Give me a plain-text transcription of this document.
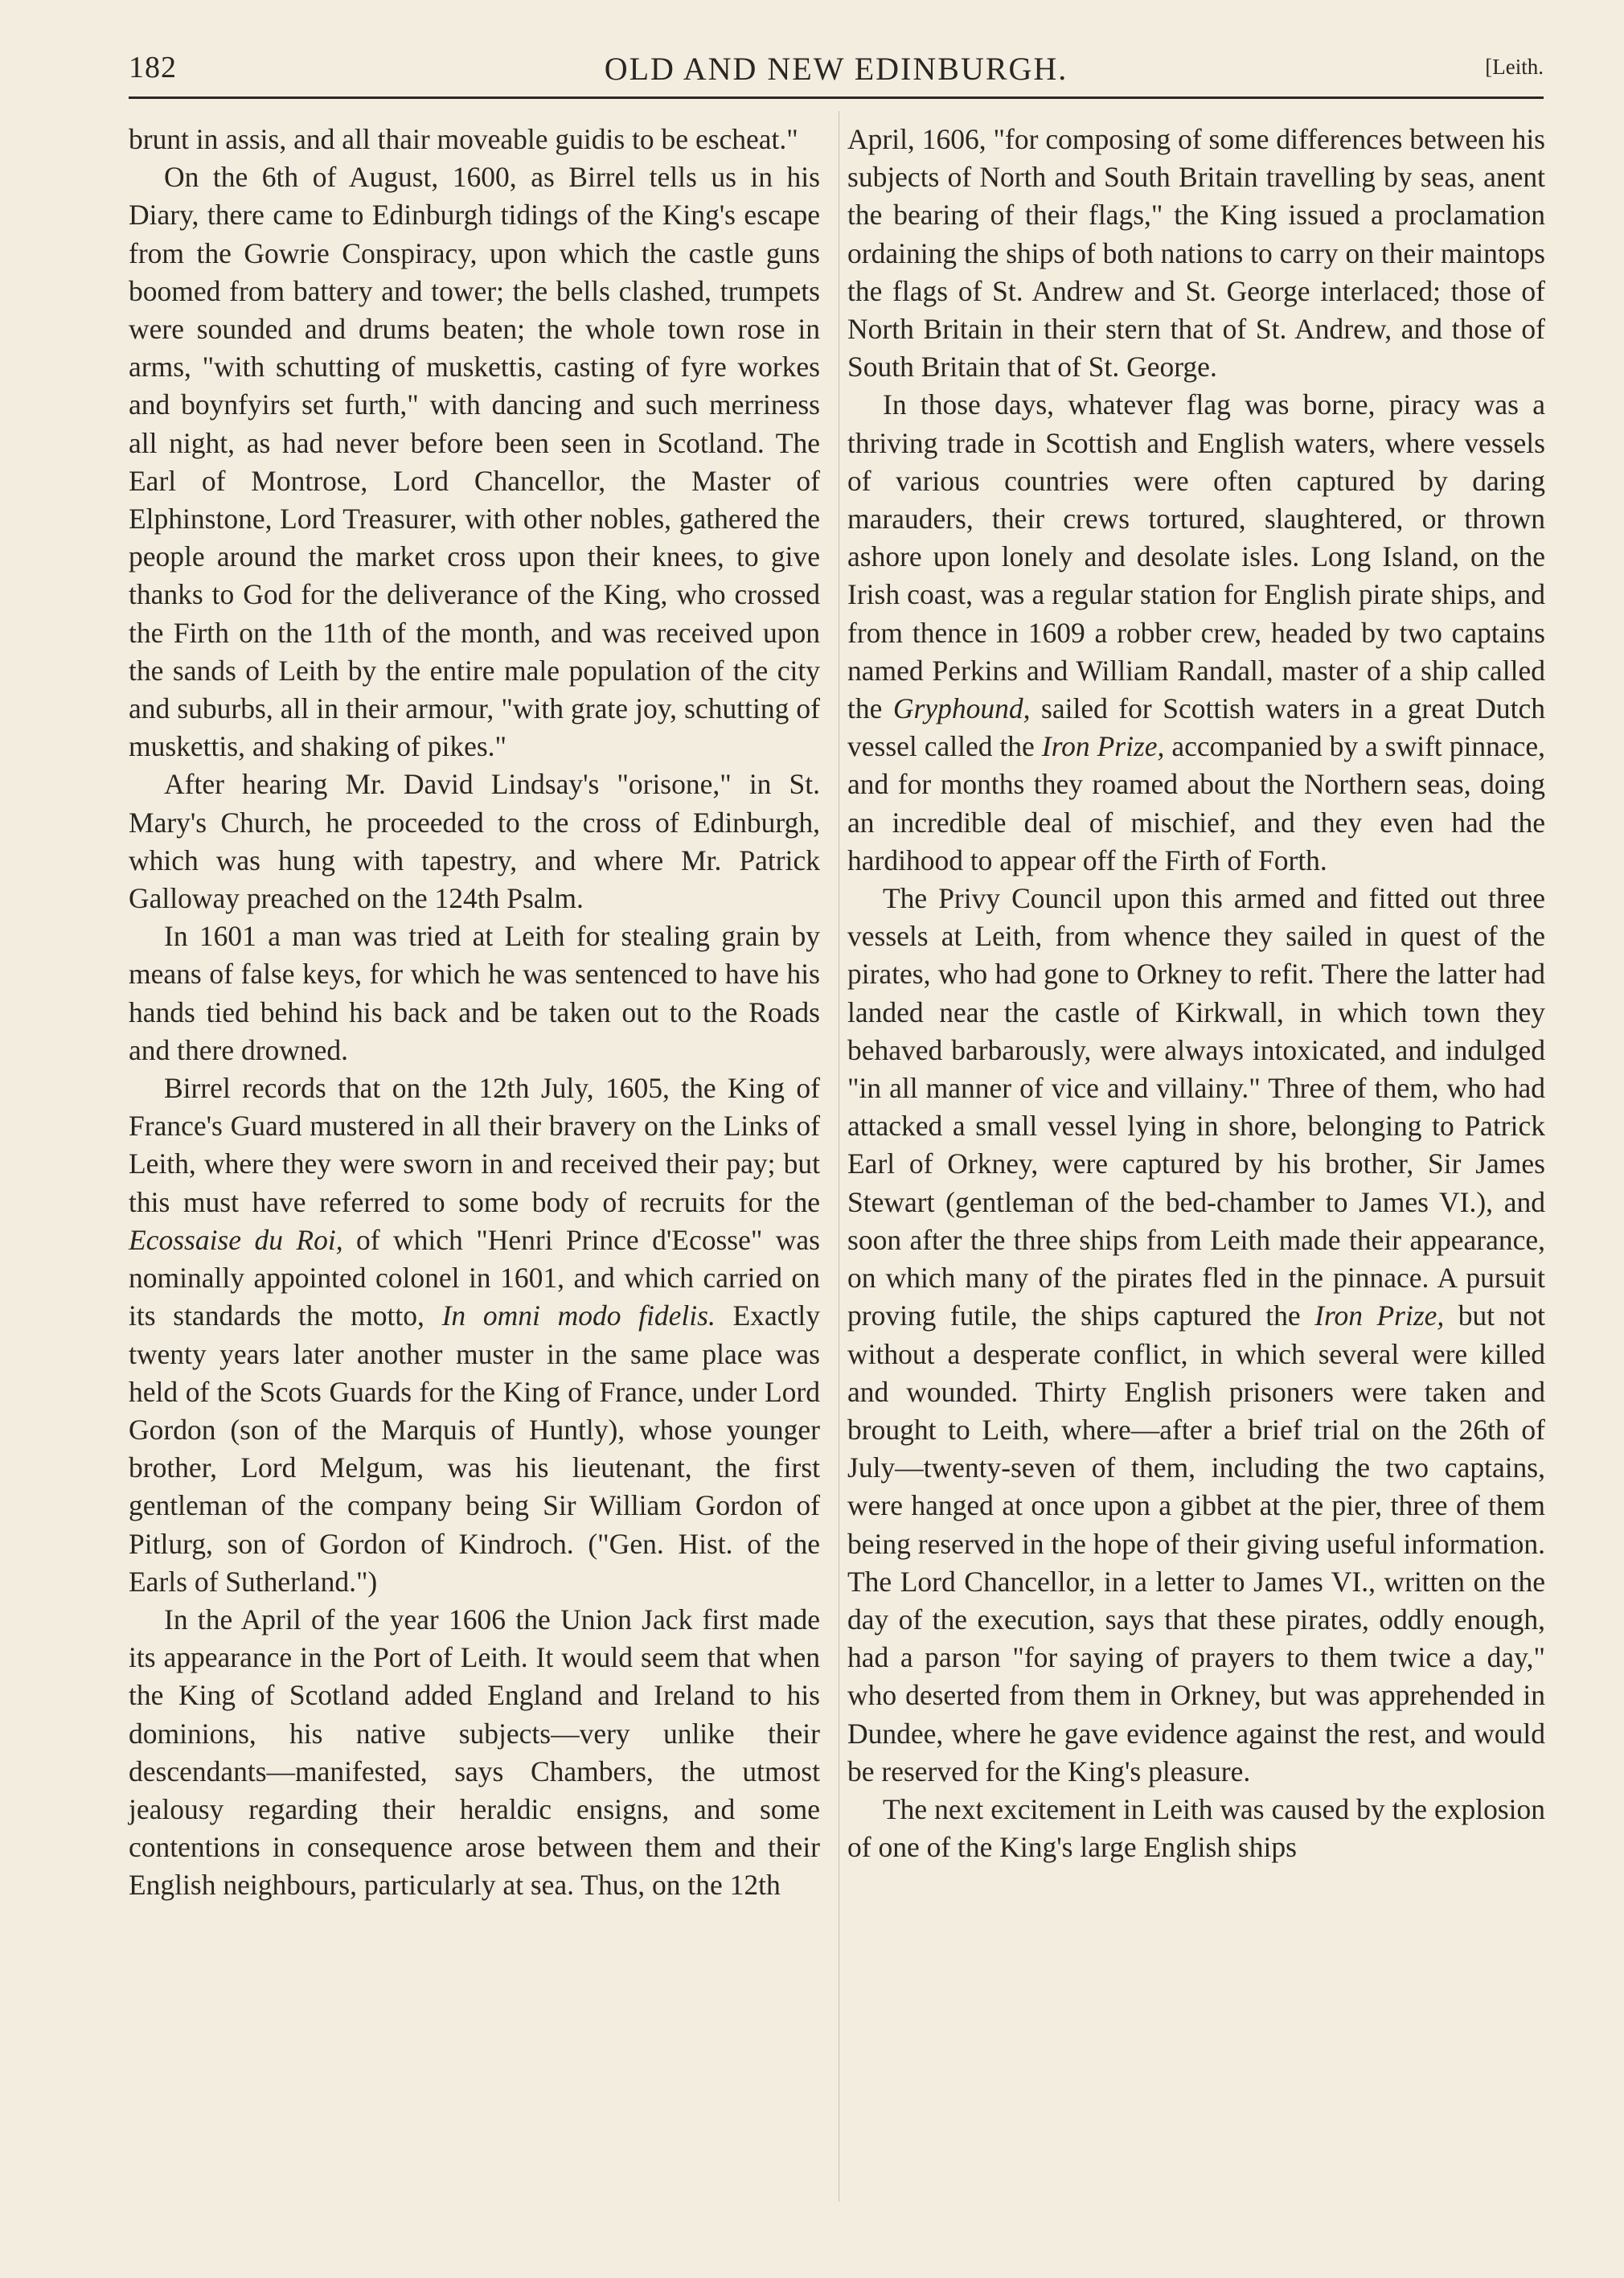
182	OLD AND NEW EDINBURGH.	[Leith.

brunt in assis, and all thair moveable guidis to be escheat."

On the 6th of August, 1600, as Birrel tells us in his Diary, there came to Edinburgh tidings of the King's escape from the Gowrie Conspiracy, upon which the castle guns boomed from battery and tower; the bells clashed, trumpets were sounded and drums beaten; the whole town rose in arms, "with schutting of muskettis, casting of fyre workes and boynfyirs set furth," with dancing and such merriness all night, as had never before been seen in Scotland. The Earl of Montrose, Lord Chancellor, the Master of Elphinstone, Lord Treasurer, with other nobles, gathered the people around the market cross upon their knees, to give thanks to God for the deliverance of the King, who crossed the Firth on the 11th of the month, and was received upon the sands of Leith by the entire male population of the city and suburbs, all in their armour, "with grate joy, schutting of muskettis, and shaking of pikes."

After hearing Mr. David Lindsay's "orisone," in St. Mary's Church, he proceeded to the cross of Edinburgh, which was hung with tapestry, and where Mr. Patrick Galloway preached on the 124th Psalm.

In 1601 a man was tried at Leith for stealing grain by means of false keys, for which he was sentenced to have his hands tied behind his back and be taken out to the Roads and there drowned.

Birrel records that on the 12th July, 1605, the King of France's Guard mustered in all their bravery on the Links of Leith, where they were sworn in and received their pay; but this must have referred to some body of recruits for the Ecossaise du Roi, of which "Henri Prince d'Ecosse" was nominally appointed colonel in 1601, and which carried on its standards the motto, In omni modo fidelis. Exactly twenty years later another muster in the same place was held of the Scots Guards for the King of France, under Lord Gordon (son of the Marquis of Huntly), whose younger brother, Lord Melgum, was his lieutenant, the first gentleman of the company being Sir William Gordon of Pitlurg, son of Gordon of Kindroch. ("Gen. Hist. of the Earls of Sutherland.")

In the April of the year 1606 the Union Jack first made its appearance in the Port of Leith. It would seem that when the King of Scotland added England and Ireland to his dominions, his native subjects—very unlike their descendants—manifested, says Chambers, the utmost jealousy regarding their heraldic ensigns, and some contentions in consequence arose between them and their English neighbours, particularly at sea. Thus, on the 12th

April, 1606, "for composing of some differences between his subjects of North and South Britain travelling by seas, anent the bearing of their flags," the King issued a proclamation ordaining the ships of both nations to carry on their maintops the flags of St. Andrew and St. George interlaced; those of North Britain in their stern that of St. Andrew, and those of South Britain that of St. George.

In those days, whatever flag was borne, piracy was a thriving trade in Scottish and English waters, where vessels of various countries were often captured by daring marauders, their crews tortured, slaughtered, or thrown ashore upon lonely and desolate isles. Long Island, on the Irish coast, was a regular station for English pirate ships, and from thence in 1609 a robber crew, headed by two captains named Perkins and William Randall, master of a ship called the Gryphound, sailed for Scottish waters in a great Dutch vessel called the Iron Prize, accompanied by a swift pinnace, and for months they roamed about the Northern seas, doing an incredible deal of mischief, and they even had the hardihood to appear off the Firth of Forth.

The Privy Council upon this armed and fitted out three vessels at Leith, from whence they sailed in quest of the pirates, who had gone to Orkney to refit. There the latter had landed near the castle of Kirkwall, in which town they behaved barbarously, were always intoxicated, and indulged "in all manner of vice and villainy." Three of them, who had attacked a small vessel lying in shore, belonging to Patrick Earl of Orkney, were captured by his brother, Sir James Stewart (gentleman of the bed-chamber to James VI.), and soon after the three ships from Leith made their appearance, on which many of the pirates fled in the pinnace. A pursuit proving futile, the ships captured the Iron Prize, but not without a desperate conflict, in which several were killed and wounded. Thirty English prisoners were taken and brought to Leith, where—after a brief trial on the 26th of July—twenty-seven of them, including the two captains, were hanged at once upon a gibbet at the pier, three of them being reserved in the hope of their giving useful information. The Lord Chancellor, in a letter to James VI., written on the day of the execution, says that these pirates, oddly enough, had a parson "for saying of prayers to them twice a day," who deserted from them in Orkney, but was apprehended in Dundee, where he gave evidence against the rest, and would be reserved for the King's pleasure.

The next excitement in Leith was caused by the explosion of one of the King's large English ships
